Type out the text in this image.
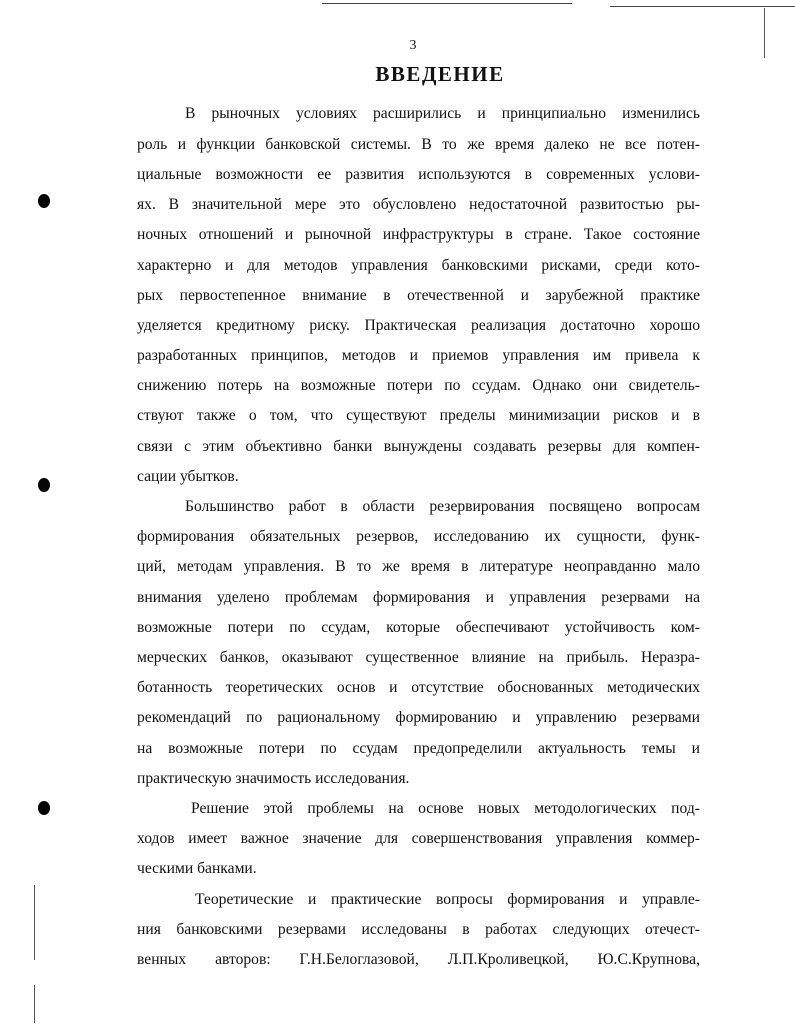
3
ВВЕДЕНИЕ
В рыночных условиях расширились и принципиально изменились
роль и функции банковской системы. В то же время далеко не все потен-
циальные возможности ее развития используются в современных услови-
ях. В значительной мере это обусловлено недостаточной развитостью ры-
ночных отношений и рыночной инфраструктуры в стране. Такое состояние
характерно и для методов управления банковскими рисками, среди кото-
рых первостепенное внимание в отечественной и зарубежной практике
уделяется кредитному риску. Практическая реализация достаточно хорошо
разработанных принципов, методов и приемов управления им привела к
снижению потерь на возможные потери по ссудам. Однако они свидетель-
ствуют также о том, что существуют пределы минимизации рисков и в
связи с этим объективно банки вынуждены создавать резервы для компен-
сации убытков.
Большинство работ в области резервирования посвящено вопросам
формирования обязательных резервов, исследованию их сущности, функ-
ций, методам управления. В то же время в литературе неоправданно мало
внимания уделено проблемам формирования и управления резервами на
возможные потери по ссудам, которые обеспечивают устойчивость ком-
мерческих банков, оказывают существенное влияние на прибыль. Неразра-
ботанность теоретических основ и отсутствие обоснованных методических
рекомендаций по рациональному формированию и управлению резервами
на возможные потери по ссудам предопределили актуальность темы и
практическую значимость исследования.
Решение этой проблемы на основе новых методологических под-
ходов имеет важное значение для совершенствования управления коммер-
ческими банками.
Теоретические и практические вопросы формирования и управле-
ния банковскими резервами исследованы в работах следующих отечест-
венных авторов: Г.Н.Белоглазовой, Л.П.Кроливецкой, Ю.С.Крупнова,
